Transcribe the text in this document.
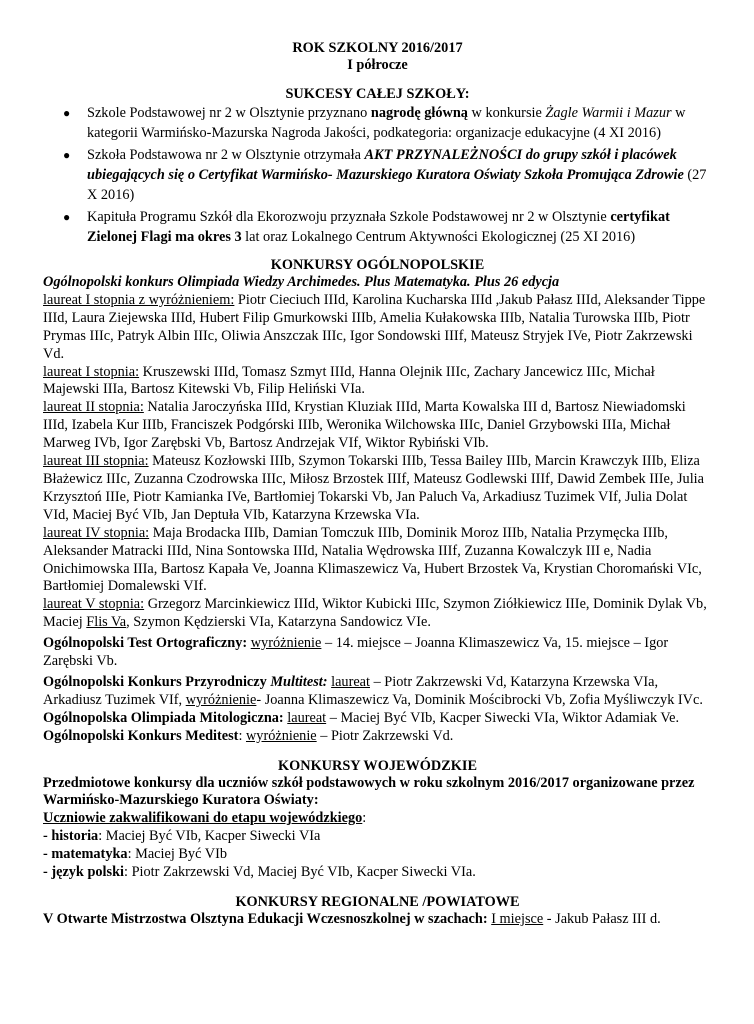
ROK SZKOLNY 2016/2017
I półrocze
SUKCESY CAŁEJ SZKOŁY:
● Szkole Podstawowej nr 2 w Olsztynie przyznano nagrodę główną w konkursie Żagle Warmii i Mazur w kategorii Warmińsko-Mazurska Nagroda Jakości, podkategoria: organizacje edukacyjne (4 XI 2016)
● Szkoła Podstawowa nr 2 w Olsztynie otrzymała AKT PRZYNALEŻNOŚCI do grupy szkół i placówek ubiegających się o Certyfikat Warmińsko- Mazurskiego Kuratora Oświaty Szkoła Promująca Zdrowie (27 X 2016)
● Kapituła Programu Szkół dla Ekorozwoju przyznała Szkole Podstawowej nr 2 w Olsztynie certyfikat Zielonej Flagi ma okres 3 lat oraz Lokalnego Centrum Aktywności Ekologicznej (25 XI 2016)
KONKURSY OGÓLNOPOLSKIE

Ogólnopolski konkurs Olimpiada Wiedzy Archimedes. Plus Matematyka. Plus 26 edycja

laureat I stopnia z wyróżnieniem: Piotr Cieciuch IIId, Karolina Kucharska IIId ,Jakub Pałasz IIId, Aleksander Tippe IIId, Laura Ziejewska IIId, Hubert Filip Gmurkowski IIIb, Amelia Kułakowska IIIb, Natalia Turowska IIIb, Piotr Prymas IIIc, Patryk Albin IIIc, Oliwia Anszczak IIIc, Igor Sondowski IIIf, Mateusz Stryjek IVe, Piotr Zakrzewski Vd.

laureat I stopnia: Kruszewski IIId, Tomasz Szmyt IIId, Hanna Olejnik IIIc, Zachary Jancewicz IIIc, Michał Majewski IIIa, Bartosz Kitewski Vb, Filip Heliński VIa.

laureat II stopnia: Natalia Jaroczyńska IIId, Krystian Kluziak IIId, Marta Kowalska III d, Bartosz Niewiadomski IIId, Izabela Kur IIIb, Franciszek Podgórski IIIb, Weronika Wilchowska IIIc, Daniel Grzybowski IIIa, Michał Marweg IVb, Igor Zarębski Vb, Bartosz Andrzejak VIf, Wiktor Rybiński VIb.

laureat III stopnia: Mateusz Kozłowski IIIb, Szymon Tokarski IIIb, Tessa Bailey IIIb, Marcin Krawczyk IIIb, Eliza Błażewicz IIIc, Zuzanna Czodrowska IIIc, Miłosz Brzostek IIIf, Mateusz Godlewski IIIf, Dawid Zembek IIIe, Julia Krzysztoń IIIe, Piotr Kamianka IVe, Bartłomiej Tokarski Vb, Jan Paluch Va, Arkadiusz Tuzimek VIf, Julia Dolat VId, Maciej Być VIb, Jan Deptuła VIb, Katarzyna Krzewska VIa.

laureat IV stopnia: Maja Brodacka IIIb, Damian Tomczuk IIIb, Dominik Moroz IIIb, Natalia Przymęcka IIIb, Aleksander Matracki IIId, Nina Sontowska IIId, Natalia Wędrowska IIIf, Zuzanna Kowalczyk III e, Nadia Onichimowska IIIa, Bartosz Kapała Ve, Joanna Klimaszewicz Va, Hubert Brzostek Va, Krystian Choromański VIc, Bartłomiej Domalewski VIf.

laureat V stopnia: Grzegorz Marcinkiewicz IIId, Wiktor Kubicki IIIc, Szymon Ziółkiewicz IIIe, Dominik Dylak Vb, Maciej Flis Va, Szymon Kędzierski VIa, Katarzyna Sandowicz VIe.

Ogólnopolski Test Ortograficzny: wyróżnienie – 14. miejsce – Joanna Klimaszewicz Va, 15. miejsce – Igor Zarębski Vb.

Ogólnopolski Konkurs Przyrodniczy Multitest: laureat – Piotr Zakrzewski Vd, Katarzyna Krzewska VIa, Arkadiusz Tuzimek VIf, wyróżnienie- Joanna Klimaszewicz Va, Dominik Mościbrocki Vb, Zofia Myśliwczyk IVc.

Ogólnopolska Olimpiada Mitologiczna: laureat – Maciej Być VIb, Kacper Siwecki VIa, Wiktor Adamiak Ve.

Ogólnopolski Konkurs Meditest: wyróżnienie – Piotr Zakrzewski Vd.

KONKURSY WOJEWÓDZKIE

Przedmiotowe konkursy dla uczniów szkół podstawowych w roku szkolnym 2016/2017 organizowane przez Warmińsko-Mazurskiego Kuratora Oświaty:

Uczniowie zakwalifikowani do etapu wojewódzkiego:

- historia: Maciej Być VIb, Kacper Siwecki VIa

- matematyka: Maciej Być VIb

- język polski: Piotr Zakrzewski Vd, Maciej Być VIb, Kacper Siwecki VIa.

KONKURSY REGIONALNE /POWIATOWE

V Otwarte Mistrzostwa Olsztyna Edukacji Wczesnoszkolnej w szachach: I miejsce - Jakub Pałasz III d.
